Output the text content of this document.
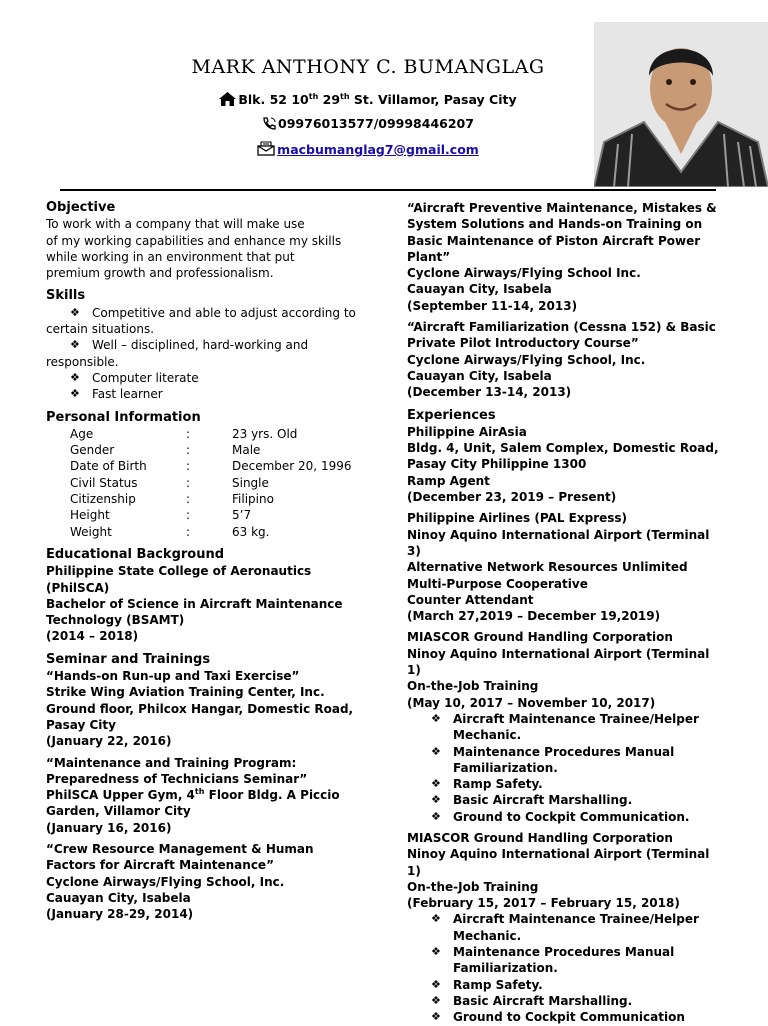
MARK ANTHONY C. BUMANGLAG
Blk. 52 10th 29th St. Villamor, Pasay City
09976013577/09998446207
macbumanglag7@gmail.com
Objective
To work with a company that will make use
of my working capabilities and enhance my skills
while working in an environment that put
premium growth and professionalism.
Skills
❖ Competitive and able to adjust according to certain situations.
❖ Well – disciplined, hard-working and responsible.
❖ Computer literate
❖ Fast learner
Personal Information
Age	:	23 yrs. Old
Gender	:	Male
Date of Birth	:	December 20, 1996
Civil Status	:	Single
Citizenship	:	Filipino
Height	:	5’7
Weight	:	63 kg.
Educational Background
Philippine State College of Aeronautics (PhilSCA)
Bachelor of Science in Aircraft Maintenance Technology (BSAMT)
(2014 – 2018)
Seminar and Trainings
“Hands-on Run-up and Taxi Exercise”
Strike Wing Aviation Training Center, Inc.
Ground floor, Philcox Hangar, Domestic Road, Pasay City
(January 22, 2016)
“Maintenance and Training Program: Preparedness of Technicians Seminar”
PhilSCA Upper Gym, 4th Floor Bldg. A Piccio Garden, Villamor City
(January 16, 2016)
“Crew Resource Management & Human Factors for Aircraft Maintenance”
Cyclone Airways/Flying School, Inc.
Cauayan City, Isabela
(January 28-29, 2014)
“Aircraft Preventive Maintenance, Mistakes & System Solutions and Hands-on Training on Basic Maintenance of Piston Aircraft Power Plant”
Cyclone Airways/Flying School Inc.
Cauayan City, Isabela
(September 11-14, 2013)
“Aircraft Familiarization (Cessna 152) & Basic Private Pilot Introductory Course”
Cyclone Airways/Flying School, Inc.
Cauayan City, Isabela
(December 13-14, 2013)
Experiences
Philippine AirAsia
Bldg. 4, Unit, Salem Complex, Domestic Road, Pasay City Philippine 1300
Ramp Agent
(December 23, 2019 – Present)
Philippine Airlines (PAL Express)
Ninoy Aquino International Airport (Terminal 3)
Alternative Network Resources Unlimited Multi-Purpose Cooperative
Counter Attendant
(March 27,2019 – December 19,2019)
MIASCOR Ground Handling Corporation
Ninoy Aquino International Airport (Terminal 1)
On-the-Job Training
(May 10, 2017 – November 10, 2017)
❖ Aircraft Maintenance Trainee/Helper Mechanic.
❖ Maintenance Procedures Manual Familiarization.
❖ Ramp Safety.
❖ Basic Aircraft Marshalling.
❖ Ground to Cockpit Communication.
MIASCOR Ground Handling Corporation
Ninoy Aquino International Airport (Terminal 1)
On-the-Job Training
(February 15, 2017 – February 15, 2018)
❖ Aircraft Maintenance Trainee/Helper Mechanic.
❖ Maintenance Procedures Manual Familiarization.
❖ Ramp Safety.
❖ Basic Aircraft Marshalling.
❖ Ground to Cockpit Communication
